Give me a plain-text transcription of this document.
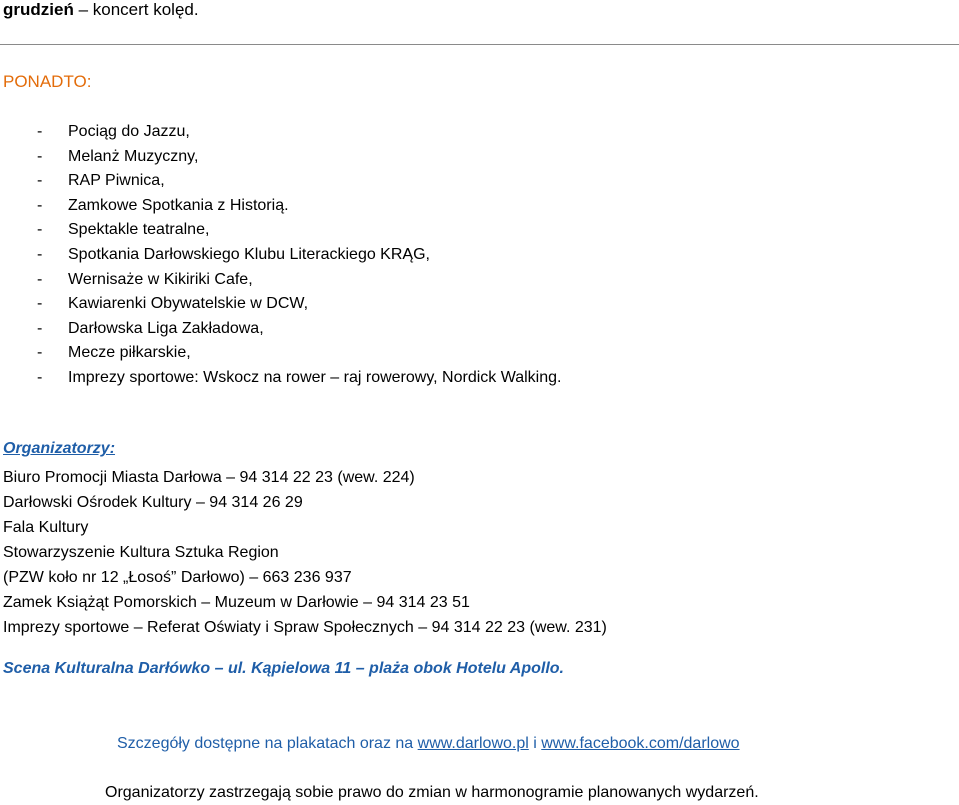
grudzień – koncert kolęd.
PONADTO:
- Pociąg do Jazzu,
- Melanż Muzyczny,
- RAP Piwnica,
- Zamkowe Spotkania z Historią.
- Spektakle teatralne,
- Spotkania Darłowskiego Klubu Literackiego KRĄG,
- Wernisaże w Kikiriki Cafe,
- Kawiarenki Obywatelskie w DCW,
- Darłowska Liga Zakładowa,
- Mecze piłkarskie,
- Imprezy sportowe: Wskocz na rower – raj rowerowy, Nordick Walking.
Organizatorzy:
Biuro Promocji Miasta Darłowa – 94 314 22 23 (wew. 224)
Darłowski Ośrodek Kultury – 94 314 26 29
Fala Kultury
Stowarzyszenie Kultura Sztuka Region
(PZW koło nr 12 „Łosoś” Darłowo) – 663 236 937
Zamek Książąt Pomorskich – Muzeum w Darłowie – 94 314 23 51
Imprezy sportowe – Referat Oświaty i Spraw Społecznych – 94 314 22 23 (wew. 231)
Scena Kulturalna Darłówko – ul. Kąpielowa 11 – plaża obok Hotelu Apollo.
Szczegóły dostępne na plakatach oraz na www.darlowo.pl i www.facebook.com/darlowo
Organizatorzy zastrzegają sobie prawo do zmian w harmonogramie planowanych wydarzeń.
